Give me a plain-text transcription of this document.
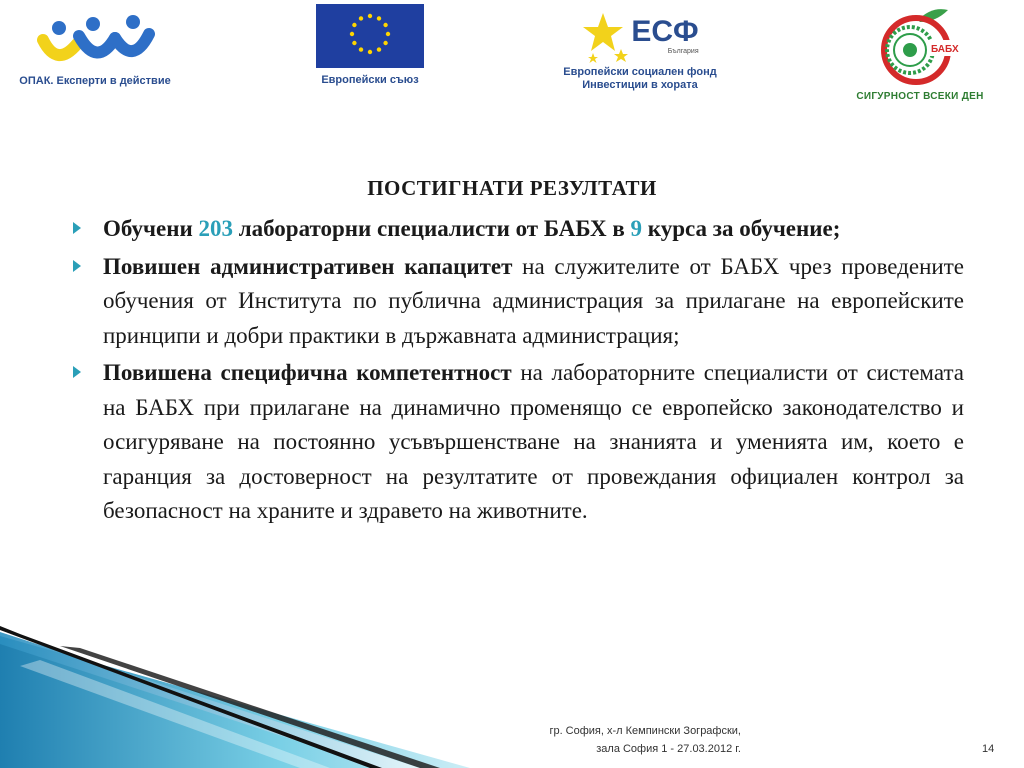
ОПАК. Експерти в действие	Европейски съюз
ЕСФ
България
Европейски социален фонд
Инвестиции в хората
БАБХ
СИГУРНОСТ ВСЕКИ ДЕН
ПОСТИГНАТИ РЕЗУЛТАТИ
Обучени 203 лабораторни специалисти от БАБХ в 9 курса за обучение;
Повишен административен капацитет на служителите от БАБХ чрез проведените обучения от Института по публична администрация за прилагане на европейските принципи и добри практики в държавната администрация;
Повишена специфична компетентност на лабораторните специалисти от системата на БАБХ при прилагане на динамично променящо се европейско законодателство и осигуряване на постоянно усъвършенстване на знанията и уменията им, което е гаранция за достоверност на резултатите от провеждания официален контрол за безопасност на храните и здравето на животните.
гр. София, х-л Кемпински Зографски,
зала София 1 - 27.03.2012 г.	14
